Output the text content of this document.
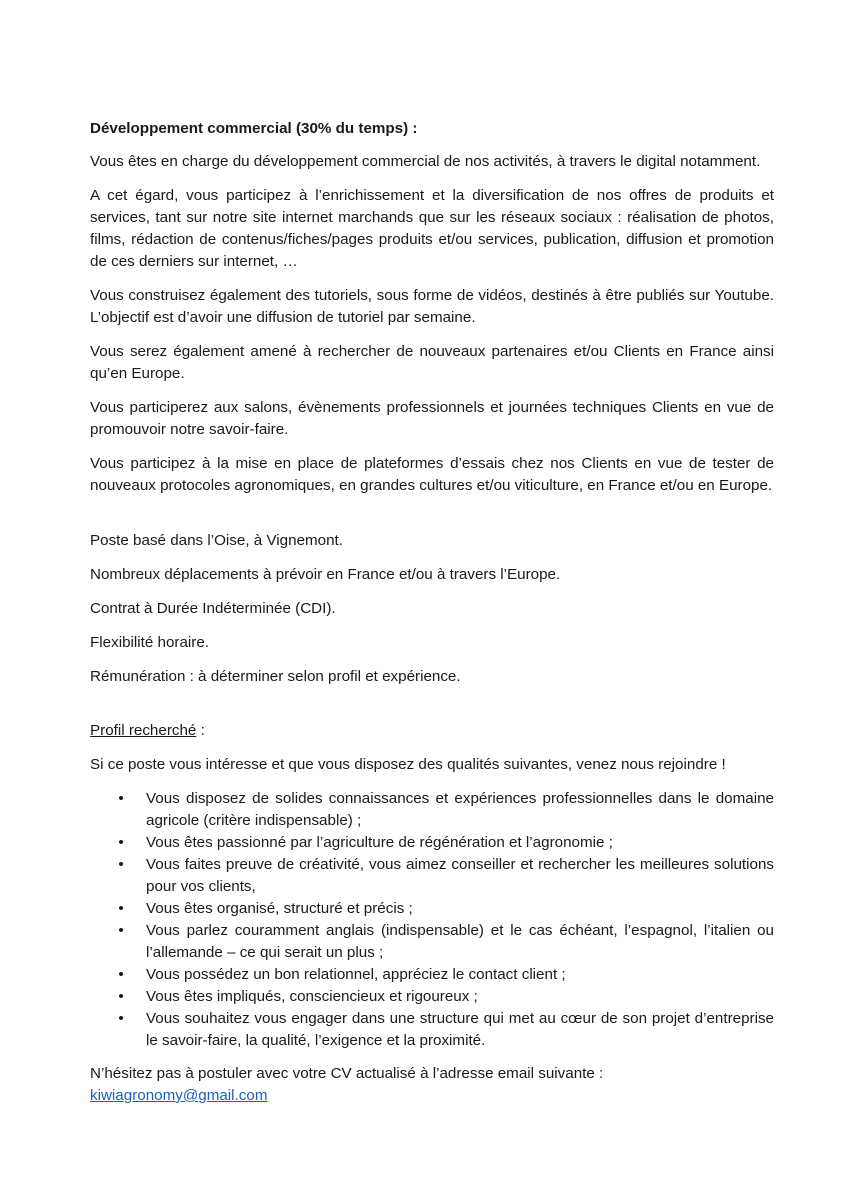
Développement commercial (30% du temps) :

Vous êtes en charge du développement commercial de nos activités, à travers le digital notamment.

A cet égard, vous participez à l’enrichissement et la diversification de nos offres de produits et services, tant sur notre site internet marchands que sur les réseaux sociaux : réalisation de photos, films, rédaction de contenus/fiches/pages produits et/ou services, publication, diffusion et promotion de ces derniers sur internet, …

Vous construisez également des tutoriels, sous forme de vidéos, destinés à être publiés sur Youtube. L’objectif est d’avoir une diffusion de tutoriel par semaine.

Vous serez également amené à rechercher de nouveaux partenaires et/ou Clients en France ainsi qu’en Europe.

Vous participerez aux salons, évènements professionnels et journées techniques Clients en vue de promouvoir notre savoir-faire.

Vous participez à la mise en place de plateformes d’essais chez nos Clients en vue de tester de nouveaux protocoles agronomiques, en grandes cultures et/ou viticulture, en France et/ou en Europe.

Poste basé dans l’Oise, à Vignemont.

Nombreux déplacements à prévoir en France et/ou à travers l’Europe.

Contrat à Durée Indéterminée (CDI).

Flexibilité horaire.

Rémunération : à déterminer selon profil et expérience.

Profil recherché :

Si ce poste vous intéresse et que vous disposez des qualités suivantes, venez nous rejoindre !

• Vous disposez de solides connaissances et expériences professionnelles dans le domaine agricole (critère indispensable) ;
• Vous êtes passionné par l’agriculture de régénération et l’agronomie ;
• Vous faites preuve de créativité, vous aimez conseiller et rechercher les meilleures solutions pour vos clients,
• Vous êtes organisé, structuré et précis ;
• Vous parlez couramment anglais (indispensable) et le cas échéant, l’espagnol, l’italien ou l’allemande – ce qui serait un plus ;
• Vous possédez un bon relationnel, appréciez le contact client ;
• Vous êtes impliqués, consciencieux et rigoureux ;
• Vous souhaitez vous engager dans une structure qui met au cœur de son projet d’entreprise le savoir-faire, la qualité, l’exigence et la proximité.

N’hésitez pas à postuler avec votre CV actualisé à l’adresse email suivante : kiwiagronomy@gmail.com
